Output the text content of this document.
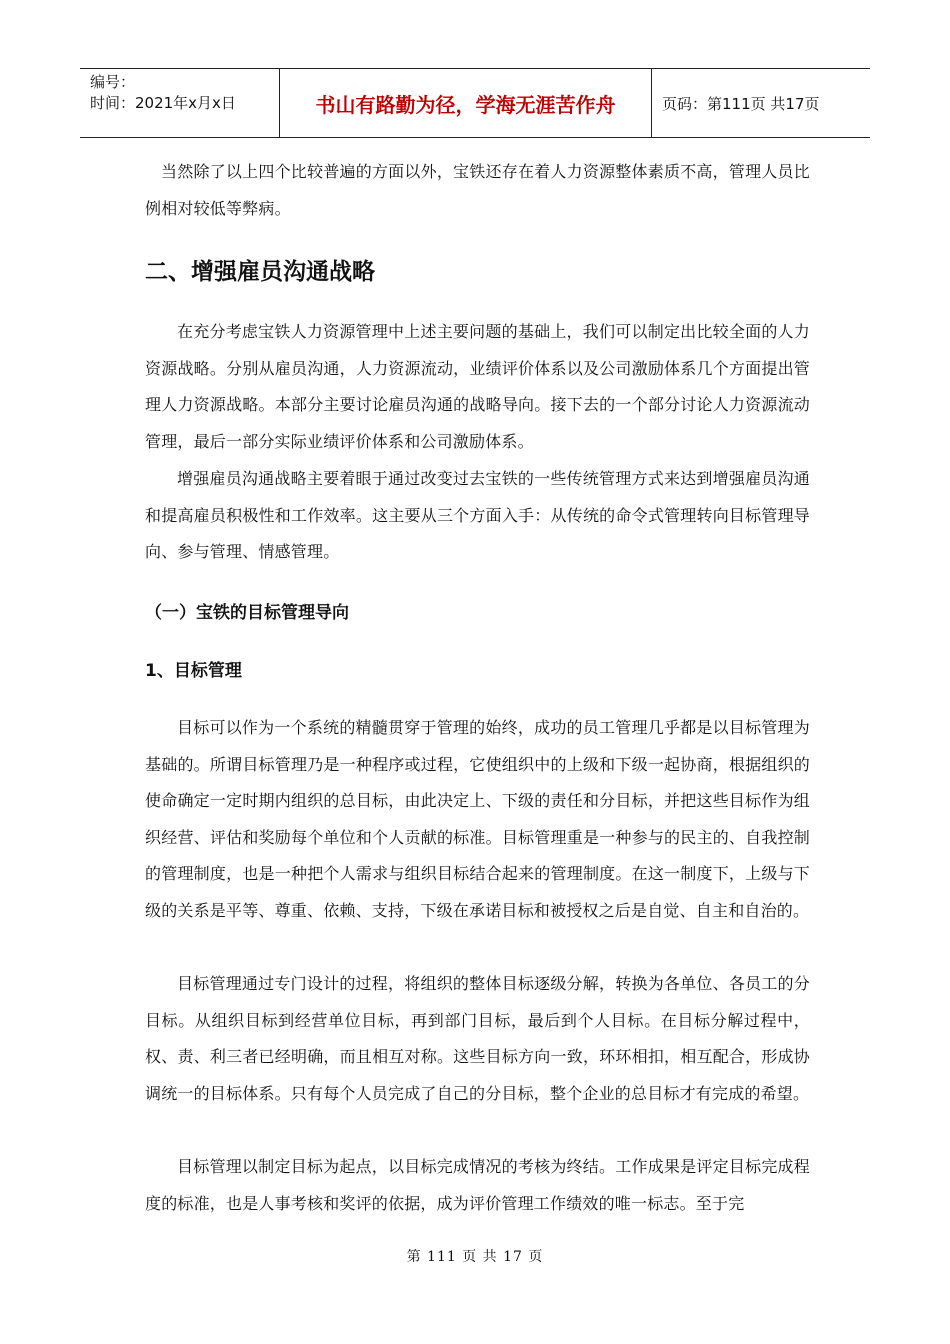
编号：
时间：2021年x月x日	书山有路勤为径，学海无涯苦作舟	页码：第111页 共17页

当然除了以上四个比较普遍的方面以外，宝铁还存在着人力资源整体素质不高，管理人员比例相对较低等弊病。

二、增强雇员沟通战略

在充分考虑宝铁人力资源管理中上述主要问题的基础上，我们可以制定出比较全面的人力资源战略。分别从雇员沟通，人力资源流动，业绩评价体系以及公司激励体系几个方面提出管理人力资源战略。本部分主要讨论雇员沟通的战略导向。接下去的一个部分讨论人力资源流动管理，最后一部分实际业绩评价体系和公司激励体系。

增强雇员沟通战略主要着眼于通过改变过去宝铁的一些传统管理方式来达到增强雇员沟通和提高雇员积极性和工作效率。这主要从三个方面入手：从传统的命令式管理转向目标管理导向、参与管理、情感管理。

（一）宝铁的目标管理导向
1、目标管理

目标可以作为一个系统的精髓贯穿于管理的始终，成功的员工管理几乎都是以目标管理为基础的。所谓目标管理乃是一种程序或过程，它使组织中的上级和下级一起协商，根据组织的使命确定一定时期内组织的总目标，由此决定上、下级的责任和分目标，并把这些目标作为组织经营、评估和奖励每个单位和个人贡献的标准。目标管理重是一种参与的民主的、自我控制的管理制度，也是一种把个人需求与组织目标结合起来的管理制度。在这一制度下，上级与下级的关系是平等、尊重、依赖、支持，下级在承诺目标和被授权之后是自觉、自主和自治的。

目标管理通过专门设计的过程，将组织的整体目标逐级分解，转换为各单位、各员工的分目标。从组织目标到经营单位目标，再到部门目标，最后到个人目标。在目标分解过程中，权、责、利三者已经明确，而且相互对称。这些目标方向一致，环环相扣，相互配合，形成协调统一的目标体系。只有每个人员完成了自己的分目标，整个企业的总目标才有完成的希望。

目标管理以制定目标为起点，以目标完成情况的考核为终结。工作成果是评定目标完成程度的标准，也是人事考核和奖评的依据，成为评价管理工作绩效的唯一标志。至于完

第 111 页 共 17 页
